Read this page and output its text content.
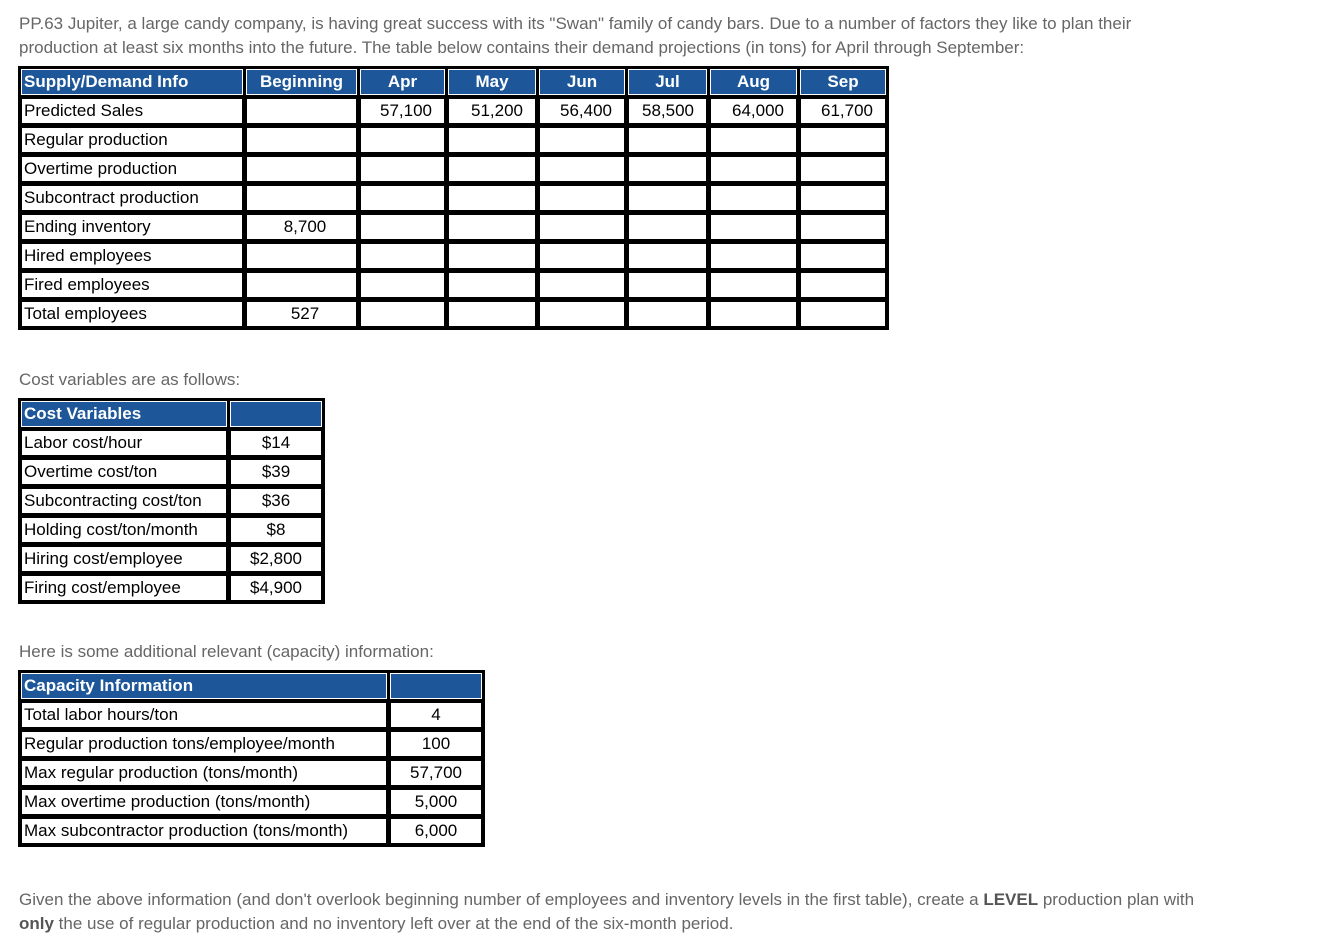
PP.63 Jupiter, a large candy company, is having great success with its "Swan" family of candy bars. Due to a number of factors they like to plan their
production at least six months into the future. The table below contains their demand projections (in tons) for April through September:

Supply/Demand Info	Beginning	Apr	May	Jun	Jul	Aug	Sep
Predicted Sales		57,100	51,200	56,400	58,500	64,000	61,700
Regular production							
Overtime production							
Subcontract production							
Ending inventory	8,700						
Hired employees							
Fired employees							
Total employees	527						

Cost variables are as follows:

Cost Variables	
Labor cost/hour	$14
Overtime cost/ton	$39
Subcontracting cost/ton	$36
Holding cost/ton/month	$8
Hiring cost/employee	$2,800
Firing cost/employee	$4,900

Here is some additional relevant (capacity) information:

Capacity Information	
Total labor hours/ton	4
Regular production tons/employee/month	100
Max regular production (tons/month)	57,700
Max overtime production (tons/month)	5,000
Max subcontractor production (tons/month)	6,000

Given the above information (and don't overlook beginning number of employees and inventory levels in the first table), create a LEVEL production plan with
only the use of regular production and no inventory left over at the end of the six-month period.
